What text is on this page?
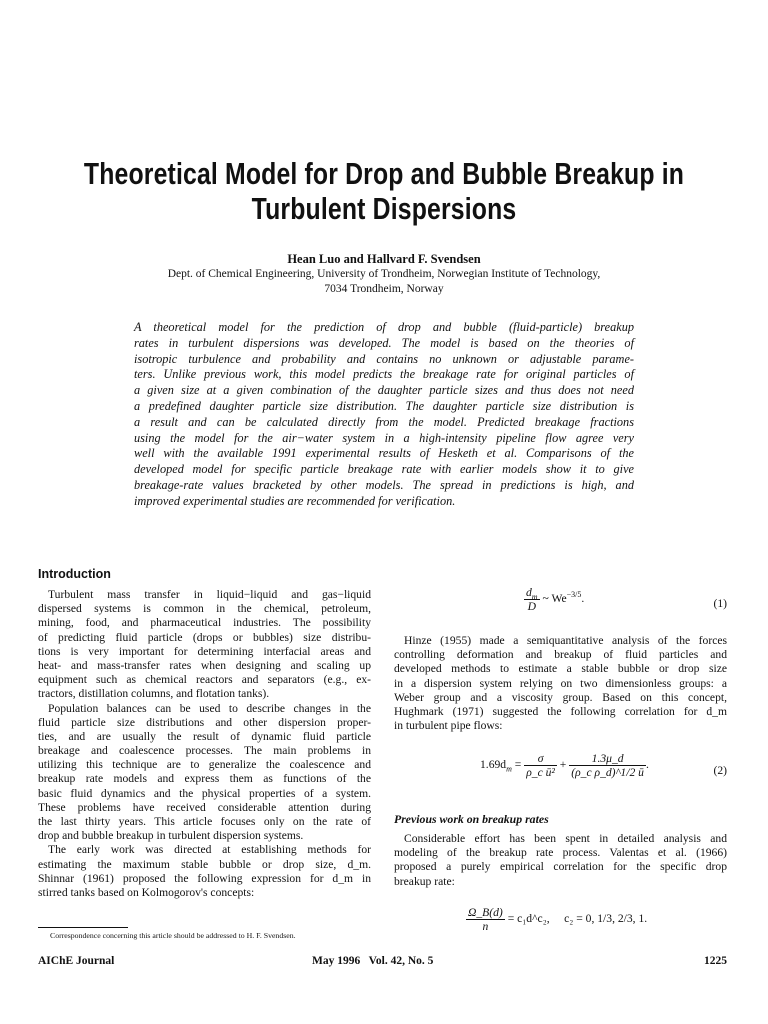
Theoretical Model for Drop and Bubble Breakup in
Turbulent Dispersions
Hean Luo and Hallvard F. Svendsen
Dept. of Chemical Engineering, University of Trondheim, Norwegian Institute of Technology,
7034 Trondheim, Norway
A theoretical model for the prediction of drop and bubble (fluid-particle) breakup
rates in turbulent dispersions was developed. The model is based on the theories of
isotropic turbulence and probability and contains no unknown or adjustable parame-
ters. Unlike previous work, this model predicts the breakage rate for original particles of
a given size at a given combination of the daughter particle sizes and thus does not need
a predefined daughter particle size distribution. The daughter particle size distribution is
a result and can be calculated directly from the model. Predicted breakage fractions
using the model for the air−water system in a high-intensity pipeline flow agree very
well with the available 1991 experimental results of Hesketh et al. Comparisons of the
developed model for specific particle breakage rate with earlier models show it to give
breakage-rate values bracketed by other models. The spread in predictions is high, and
improved experimental studies are recommended for verification.
Introduction
Turbulent mass transfer in liquid−liquid and gas−liquid
dispersed systems is common in the chemical, petroleum,
mining, food, and pharmaceutical industries. The possibility
of predicting fluid particle (drops or bubbles) size distribu-
tions is very important for determining interfacial areas and
heat- and mass-transfer rates when designing and scaling up
equipment such as chemical reactors and separators (e.g., ex-
tractors, distillation columns, and flotation tanks).
Population balances can be used to describe changes in the
fluid particle size distributions and other dispersion proper-
ties, and are usually the result of dynamic fluid particle
breakage and coalescence processes. The main problems in
utilizing this technique are to generalize the coalescence and
breakup rate models and express them as functions of the
basic fluid dynamics and the physical properties of a system.
These problems have received considerable attention during
the last thirty years. This article focuses only on the rate of
drop and bubble breakup in turbulent dispersion systems.
The early work was directed at establishing methods for
estimating the maximum stable bubble or drop size, d_m.
Shinnar (1961) proposed the following expression for d_m in
stirred tanks based on Kolmogorov's concepts:
$\frac{d_m}{D}$ ~ $We^{-3/5}$.	(1)
Hinze (1955) made a semiquantitative analysis of the forces
controlling deformation and breakup of fluid particles and
developed methods to estimate a stable bubble or drop size
in a dispersion system relying on two dimensionless groups: a
Weber group and a viscosity group. Based on this concept,
Hughmark (1971) suggested the following correlation for d_m
in turbulent pipe flows:
$1.69d_m = \frac{\sigma}{\text{ρ\_c ū²}} + \frac{1.3\mu\_d}{\text{(ρ\_c ρ\_d)\textasciicircum{}1/2 ū}}$ .	(2)
Previous work on breakup rates
Considerable effort has been spent in detailed analysis and
modeling of the breakup rate process. Valentas et al. (1966)
proposed a purely empirical correlation for the specific drop
breakup rate:
$\frac{\Omega\_B(d)}{n}$ = c₁d^c₂, c₂ = 0, 1/3, 2/3, 1.
Correspondence concerning this article should be addressed to H. F. Svendsen.
AIChE Journal	May 1996   Vol. 42, No. 5	1225
